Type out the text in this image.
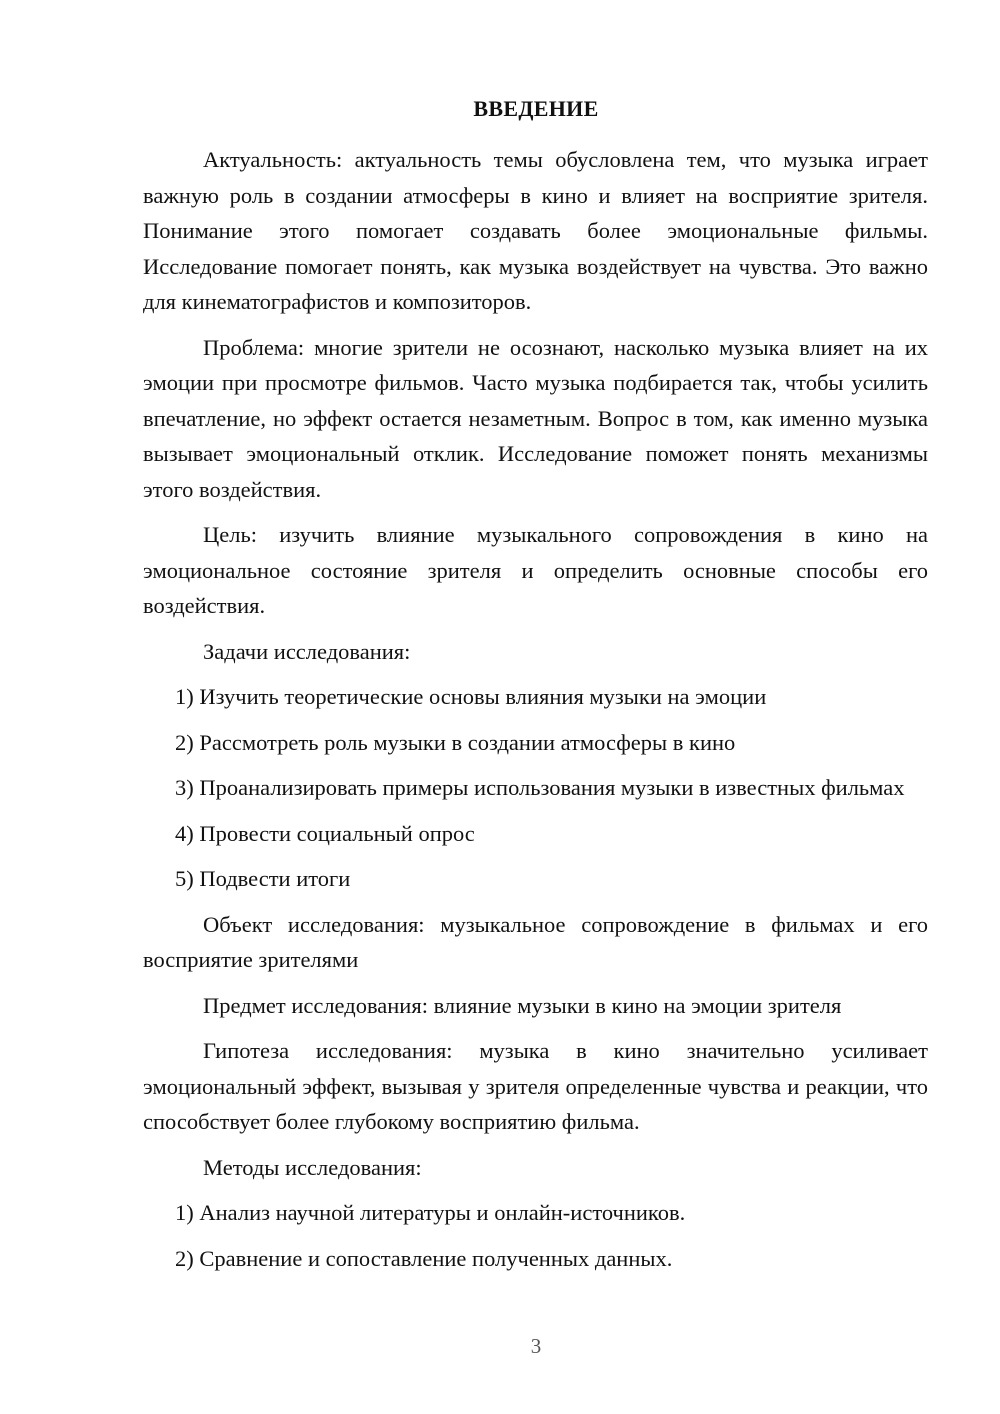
ВВЕДЕНИЕ

Актуальность: актуальность темы обусловлена тем, что музыка играет важную роль в создании атмосферы в кино и влияет на восприятие зрителя. Понимание этого помогает создавать более эмоциональные фильмы. Исследование помогает понять, как музыка воздействует на чувства. Это важно для кинематографистов и композиторов.

Проблема: многие зрители не осознают, насколько музыка влияет на их эмоции при просмотре фильмов. Часто музыка подбирается так, чтобы усилить впечатление, но эффект остается незаметным. Вопрос в том, как именно музыка вызывает эмоциональный отклик. Исследование поможет понять механизмы этого воздействия.

Цель: изучить влияние музыкального сопровождения в кино на эмоциональное состояние зрителя и определить основные способы его воздействия.

Задачи исследования:

1) Изучить теоретические основы влияния музыки на эмоции

2) Рассмотреть роль музыки в создании атмосферы в кино

3) Проанализировать примеры использования музыки в известных фильмах

4) Провести социальный опрос

5) Подвести итоги

Объект исследования: музыкальное сопровождение в фильмах и его восприятие зрителями

Предмет исследования: влияние музыки в кино на эмоции зрителя

Гипотеза исследования: музыка в кино значительно усиливает эмоциональный эффект, вызывая у зрителя определенные чувства и реакции, что способствует более глубокому восприятию фильма.

Методы исследования:

1) Анализ научной литературы и онлайн-источников.

2) Сравнение и сопоставление полученных данных.

3
